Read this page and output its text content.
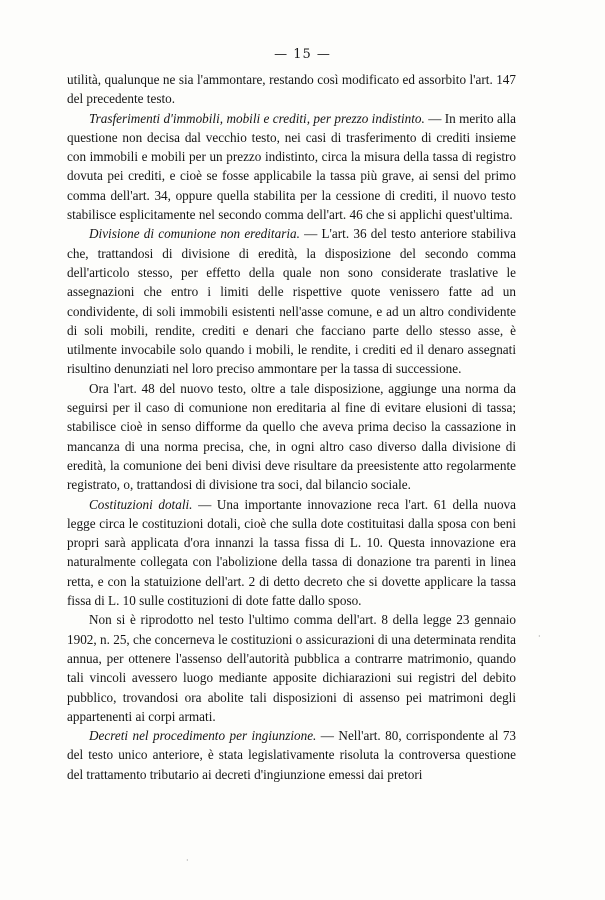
— 15 —

utilità, qualunque ne sia l'ammontare, restando così modificato ed assorbito l'art. 147 del precedente testo.

Trasferimenti d'immobili, mobili e crediti, per prezzo indistinto. — In merito alla questione non decisa dal vecchio testo, nei casi di trasferimento di crediti insieme con immobili e mobili per un prezzo indistinto, circa la misura della tassa di registro dovuta pei crediti, e cioè se fosse applicabile la tassa più grave, ai sensi del primo comma dell'art. 34, oppure quella stabilita per la cessione di crediti, il nuovo testo stabilisce esplicitamente nel secondo comma dell'art. 46 che si applichi quest'ultima.

Divisione di comunione non ereditaria. — L'art. 36 del testo anteriore stabiliva che, trattandosi di divisione di eredità, la disposizione del secondo comma dell'articolo stesso, per effetto della quale non sono considerate traslative le assegnazioni che entro i limiti delle rispettive quote venissero fatte ad un condividente, di soli immobili esistenti nell'asse comune, e ad un altro condividente di soli mobili, rendite, crediti e denari che facciano parte dello stesso asse, è utilmente invocabile solo quando i mobili, le rendite, i crediti ed il denaro assegnati risultino denunziati nel loro preciso ammontare per la tassa di successione.

Ora l'art. 48 del nuovo testo, oltre a tale disposizione, aggiunge una norma da seguirsi per il caso di comunione non ereditaria al fine di evitare elusioni di tassa; stabilisce cioè in senso difforme da quello che aveva prima deciso la cassazione in mancanza di una norma precisa, che, in ogni altro caso diverso dalla divisione di eredità, la comunione dei beni divisi deve risultare da preesistente atto regolarmente registrato, o, trattandosi di divisione tra soci, dal bilancio sociale.

Costituzioni dotali. — Una importante innovazione reca l'art. 61 della nuova legge circa le costituzioni dotali, cioè che sulla dote costituitasi dalla sposa con beni propri sarà applicata d'ora innanzi la tassa fissa di L. 10. Questa innovazione era naturalmente collegata con l'abolizione della tassa di donazione tra parenti in linea retta, e con la statuizione dell'art. 2 di detto decreto che si dovette applicare la tassa fissa di L. 10 sulle costituzioni di dote fatte dallo sposo.

Non si è riprodotto nel testo l'ultimo comma dell'art. 8 della legge 23 gennaio 1902, n. 25, che concerneva le costituzioni o assicurazioni di una determinata rendita annua, per ottenere l'assenso dell'autorità pubblica a contrarre matrimonio, quando tali vincoli avessero luogo mediante apposite dichiarazioni sui registri del debito pubblico, trovandosi ora abolite tali disposizioni di assenso pei matrimoni degli appartenenti ai corpi armati.

Decreti nel procedimento per ingiunzione. — Nell'art. 80, corrispondente al 73 del testo unico anteriore, è stata legislativamente risoluta la controversa questione del trattamento tributario ai decreti d'ingiunzione emessi dai pretori

·
·
